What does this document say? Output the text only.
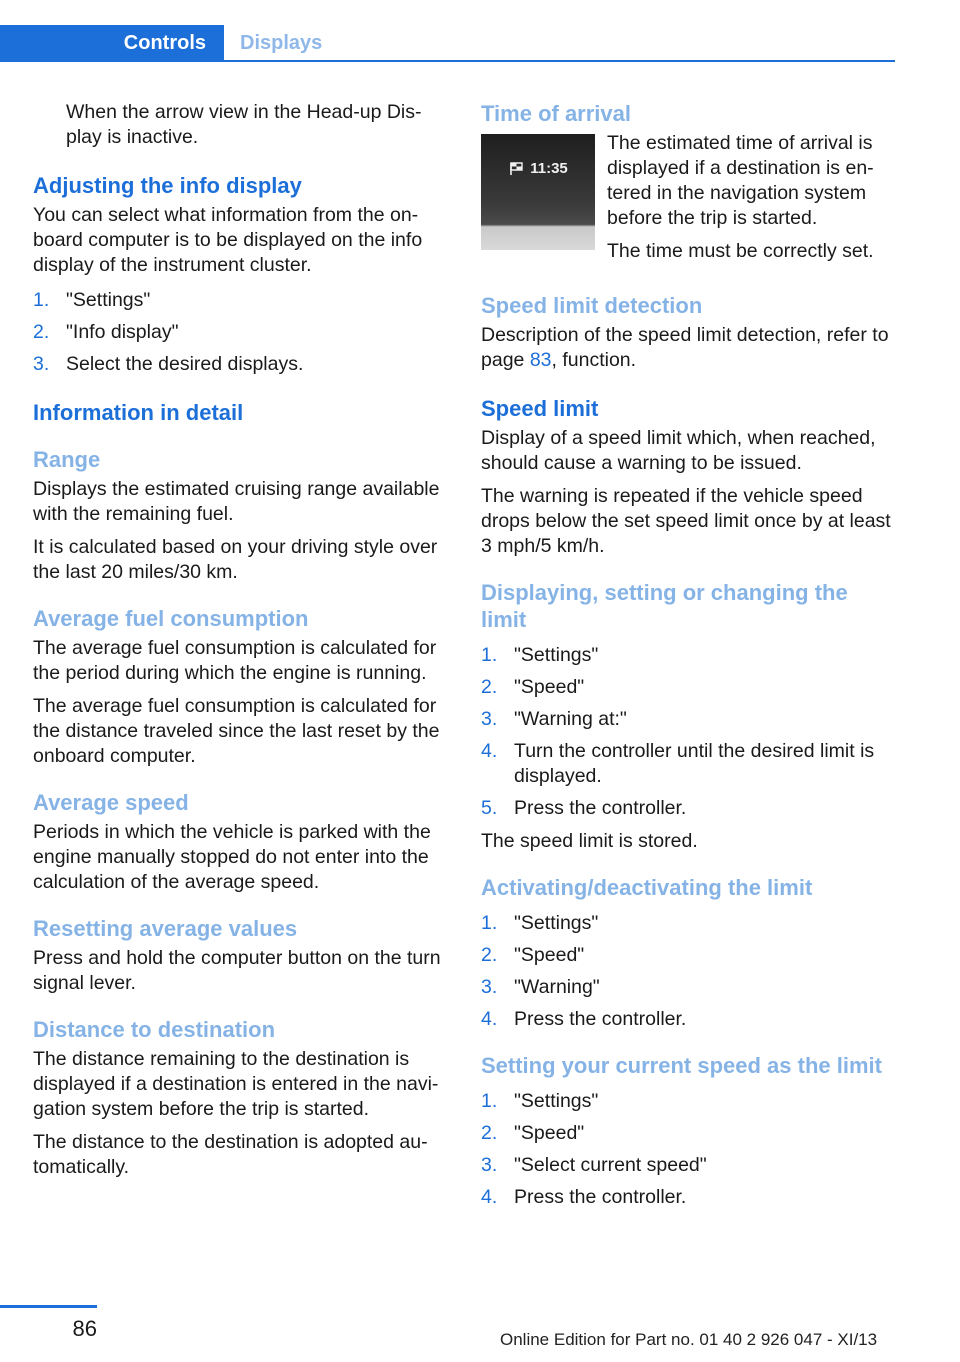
Controls	Displays

When the arrow view in the Head-up Dis‐play is inactive.

Adjusting the info display

You can select what information from the on‐board computer is to be displayed on the info display of the instrument cluster.

1. "Settings"
2. "Info display"
3. Select the desired displays.
Information in detail
Range

Displays the estimated cruising range available with the remaining fuel.

It is calculated based on your driving style over the last 20 miles/30 km.

Average fuel consumption

The average fuel consumption is calculated for the period during which the engine is running.

The average fuel consumption is calculated for the distance traveled since the last reset by the onboard computer.

Average speed

Periods in which the vehicle is parked with the engine manually stopped do not enter into the calculation of the average speed.

Resetting average values

Press and hold the computer button on the turn signal lever.

Distance to destination

The distance remaining to the destination is displayed if a destination is entered in the navi‐gation system before the trip is started.

The distance to the destination is adopted au‐tomatically.

Time of arrival
11:35

The estimated time of arrival is displayed if a destination is en‐tered in the navigation system before the trip is started.

The time must be correctly set.

Speed limit detection

Description of the speed limit detection, refer to page 83, function.

Speed limit

Display of a speed limit which, when reached, should cause a warning to be issued.

The warning is repeated if the vehicle speed drops below the set speed limit once by at least 3 mph/5 km/h.

Displaying, setting or changing the limit
1. "Settings"
2. "Speed"
3. "Warning at:"
4. Turn the controller until the desired limit is displayed.
5. Press the controller.

The speed limit is stored.

Activating/deactivating the limit
1. "Settings"
2. "Speed"
3. "Warning"
4. Press the controller.
Setting your current speed as the limit
1. "Settings"
2. "Speed"
3. "Select current speed"
4. Press the controller.
86	Online Edition for Part no. 01 40 2 926 047 - XI/13
